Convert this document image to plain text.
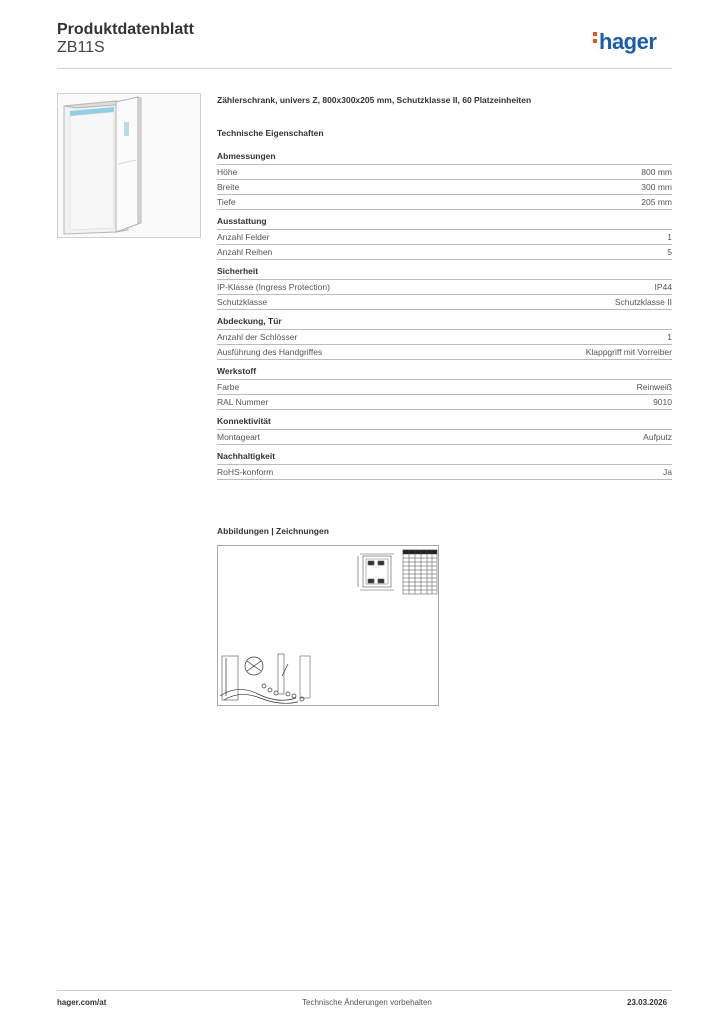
Produktdatenblatt
ZB11S	hager
Zählerschrank, univers Z, 800x300x205 mm, Schutzklasse II, 60 Platzeinheiten
Technische Eigenschaften
Abmessungen
Höhe	800 mm
Breite	300 mm
Tiefe	205 mm
Ausstattung
Anzahl Felder	1
Anzahl Reihen	5
Sicherheit
IP-Klasse (Ingress Protection)	IP44
Schutzklasse	Schutzklasse II
Abdeckung, Tür
Anzahl der Schlösser	1
Ausführung des Handgriffes	Klappgriff mit Vorreiber
Werkstoff
Farbe	Reinweiß
RAL Nummer	9010
Konnektivität
Montageart	Aufputz
Nachhaltigkeit
RoHS-konform	Ja
Abbildungen | Zeichnungen
hager.com/at	Technische Änderungen vorbehalten	23.03.2026
